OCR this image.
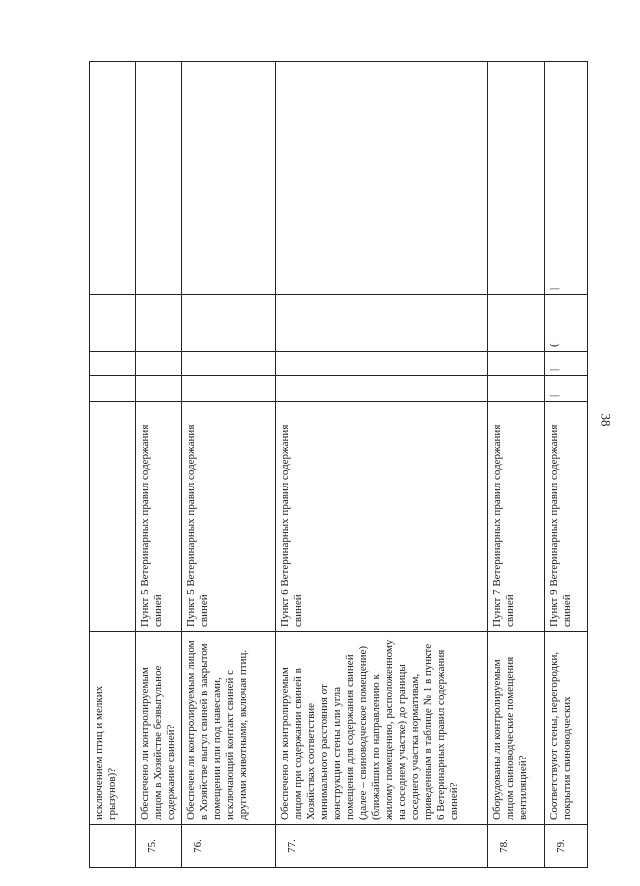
38
	исключением птиц и мелких грызунов)?					
75.	Обеспечено ли контролируемым лицом в Хозяйстве безвыгульное содержание свиней?	Пункт 5 Ветеринарных правил содержания свиней				
76.	Обеспечен ли контролируемым лицом в Хозяйстве выгул свиней в закрытом помещении или под навесами, исключающий контакт свиней с другими животными, включая птиц.	Пункт 5 Ветеринарных правил содержания свиней				
77.	Обеспечено ли контролируемым лицом при содержании свиней в Хозяйствах соответствие минимального расстояния от конструкции стены или угла помещения для содержания свиней (далее – свиноводческое помещение) (ближайших по направлению к жилому помещению, расположенному на соседнем участке) до границы соседнего участка нормативам, приведенным в таблице № 1 в пункте 6 Ветеринарных правил содержания свиней?	Пункт 6 Ветеринарных правил содержания свиней				
78.	Оборудованы ли контролируемым лицом свиноводческие помещения вентиляцией?	Пункт 7 Ветеринарных правил содержания свиней				
79.	Соответствуют стены, перегородки, покрытия свиноводческих	Пункт 9 Ветеринарных правил содержания свиней	|	|	(	|
